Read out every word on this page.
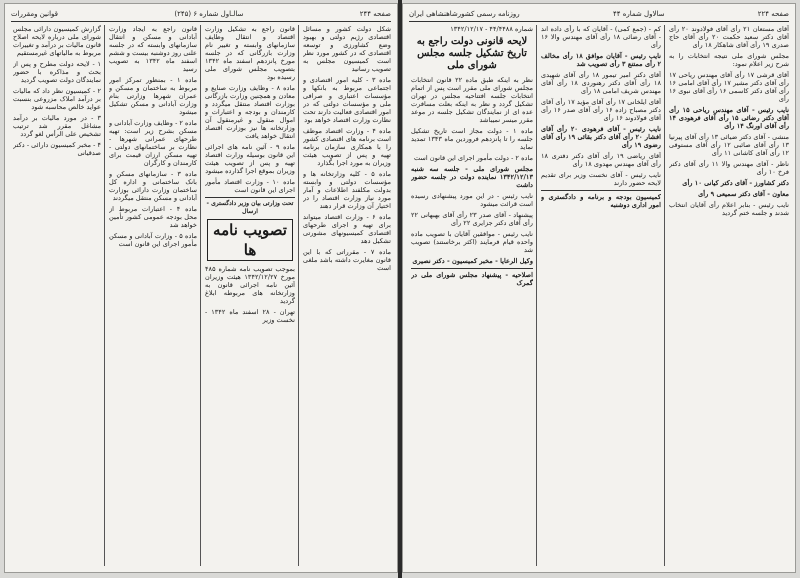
صفحه ۲۴۴
سالـاول شماره ۶ (۲۴۵)
قوانین ومقررات

شکل دولت کشور و مسائل اقتصادی رژیم دولتی و بهبود وضع کشاورزی و توسعه اقتصادی که در کشور مورد نظر است کمیسیون مجلس به تصویب رسانید

ماده ۳ - کلیه امور اقتصادی و اجتماعی مربوط به بانکها و مؤسسات اعتباری و صرافی ملی و مؤسسات دولتی که در امور اقتصادی فعالیت دارند تحت نظارت وزارت اقتصاد خواهد بود

ماده ۴ - وزارت اقتصاد موظف است برنامه های اقتصادی کشور را با همکاری سازمان برنامه تهیه و پس از تصویب هیئت وزیران به مورد اجرا بگذارد

ماده ۵ - کلیه وزارتخانه ها و مؤسسات دولتی و وابسته بدولت مکلفند اطلاعات و آمار مورد نیاز وزارت اقتصاد را در اختیار آن وزارت قرار دهند

ماده ۶ - وزارت اقتصاد میتواند برای تهیه و اجرای طرحهای اقتصادی کمیسیونهای مشورتی تشکیل دهد

ماده ۷ - مقرراتی که با این قانون مغایرت داشته باشد ملغی است

قانون راجع به تشکیل وزارت اقتصاد و انتقال وظایف سازمانهای وابسته و تغییر نام وزارت بازرگانی که در جلسه مورخ پانزدهم اسفند ماه ۱۳۴۲ بتصویب مجلس شورای ملی رسیده بود

ماده ۸ - وظایف وزارت صنایع و معادن و همچنین وزارت بازرگانی بوزارت اقتصاد منتقل میگردد و کارمندان و بودجه و اعتبارات و اموال منقول و غیرمنقول آن وزارتخانه ها نیز بوزارت اقتصاد انتقال خواهد یافت

ماده ۹ - آئین نامه های اجرائی این قانون بوسیله وزارت اقتصاد تهیه و پس از تصویب هیئت وزیران بموقع اجرا گذارده میشود

ماده ۱۰ - وزارت اقتصاد مأمور اجرای این قانون است

تحت وزارتی بیان وزیر دادگستری - ارسال
تصویب نامه ها

بموجب تصویب نامه شماره ۴۸۵ مورخ ۱۳۴۲/۱۲/۲۷ هیئت وزیران آئین نامه اجرائی قانون به وزارتخانه های مربوطه ابلاغ گردید

تهران - ۲۸ اسفند ماه ۱۳۴۲ - نخست وزیر

قانون راجع به ایجاد وزارت آبادانی و مسکن و انتقال سازمانهای وابسته که در جلسه علنی روز دوشنبه بیست و ششم اسفند ماه ۱۳۴۲ به تصویب رسید

ماده ۱ - بمنظور تمرکز امور مربوط به ساختمان و مسکن و عمران شهرها وزارتی بنام وزارت آبادانی و مسکن تشکیل میشود

ماده ۲ - وظایف وزارت آبادانی و مسکن بشرح زیر است: تهیه طرحهای عمرانی شهرها - نظارت بر ساختمانهای دولتی - تهیه مسکن ارزان قیمت برای کارمندان و کارگران

ماده ۳ - سازمانهای مسکن و بانک ساختمانی و اداره کل ساختمان وزارت دارائی بوزارت آبادانی و مسکن منتقل میگردند

ماده ۴ - اعتبارات مربوط از محل بودجه عمومی کشور تأمین خواهد شد

ماده ۵ - وزارت آبادانی و مسکن مأمور اجرای این قانون است

گزارش کمیسیون دارائی مجلس شورای ملی درباره لایحه اصلاح قانون مالیات بر درآمد و تغییرات مربوط به مالیاتهای غیرمستقیم

۱ - لایحه دولت مطرح و پس از بحث و مذاکره با حضور نمایندگان دولت تصویب گردید

۲ - کمیسیون نظر داد که مالیات بر درآمد املاک مزروعی بنسبت عواید خالص محاسبه شود

۳ - در مورد مالیات بر درآمد مشاغل مقرر شد ترتیب تشخیص علی الرأس لغو گردد

۴ - مخبر کمیسیون دارائی - دکتر صدقیانی

صفحه ۲۲۴
سالاول شماره ۴۴
روزنامه رسمی کشورشاهنشاهی ایران

آقای مستعان ۲۱ رأی آقای فولادوند ۲۰ رأی آقای دکتر سعید حکمت ۲۰ رأی آقای حاج صدری ۱۹ رأی آقای شاهکار ۱۸ رأی

مجلس شورای ملی نتیجه انتخابات را به شرح زیر اعلام نمود:

آقای قرشی ۱۷ رأی آقای مهندس ریاحی ۱۷ رأی آقای دکتر مشیر ۱۷ رأی آقای امامی ۱۶ رأی آقای دکتر کاسمی ۱۶ رأی آقای نبوی ۱۶ رأی

نایب رئیس - آقای مهندس ریاحی ۱۵ رأی آقای دکتر رضائی ۱۵ رأی آقای فرهودی ۱۴ رأی آقای اورنگ ۱۴ رأی

منشی - آقای دکتر ضیائی ۱۳ رأی آقای پیرنیا ۱۳ رأی آقای صائبی ۱۲ رأی آقای مستوفی ۱۲ رأی آقای کاشانی ۱۱ رأی

ناظر - آقای مهندس والا ۱۱ رأی آقای دکتر فرخ ۱۰ رأی

دکتر کشاورز - آقای دکتر کیانی ۱۰ رأی

معاون - آقای دکتر سمیعی ۹ رأی

نایب رئیس - بنابر اعلام رأی آقایان انتخاب شدند و جلسه ختم گردید

کم - (جمع کمی) - آقایان که با رأی داده اند - آقای رضائی ۱۸ رأی آقای مهندس والا ۱۶ رأی

نایب رئیس - آقایان موافق ۱۸ رأی مخالف ۲ رأی ممتنع ۳ رأی تصویب شد

آقای دکتر امیر تیمور ۱۸ رأی آقای شهیدی ۱۸ رأی آقای دکتر رهنوردی ۱۸ رأی آقای مهندس شریف امامی ۱۸ رأی

آقای ایلخانی ۱۷ رأی آقای مؤید ۱۷ رأی آقای دکتر مصباح زاده ۱۶ رأی آقای صدر ۱۶ رأی آقای فولادوند ۱۶ رأی

نایب رئیس - آقای فرهودی ۲۰ رأی آقای افشار ۲۰ رأی آقای دکتر بقائی ۱۹ رأی آقای رضوی ۱۹ رأی

آقای ریاضی ۱۹ رأی آقای دکتر دفتری ۱۸ رأی آقای مهندس مهدوی ۱۸ رأی

نایب رئیس - آقای نخست وزیر برای تقدیم لایحه حضور دارند

کمیسیون بودجه و برنامه و دادگستری و امور اداری دوشنبه

شماره ۴۴/۴۴۸۸ - ۱۳۴۲/۱۲/۱۷

لایحه قانونی دولت راجع به تاریخ تشکیل جلسه مجلس شورای ملی

نظر به اینکه طبق ماده ۲۲ قانون انتخابات مجلس شورای ملی مقرر است پس از اتمام انتخابات جلسه افتتاحیه مجلس در تهران تشکیل گردد و نظر به اینکه بعلت مسافرت عده ای از نمایندگان تشکیل جلسه در موعد مقرر میسر نمیباشد

ماده ۱ - دولت مجاز است تاریخ تشکیل جلسه را تا پانزدهم فروردین ماه ۱۳۴۳ تمدید نماید

ماده ۲ - دولت مأمور اجرای این قانون است

مجلس شورای ملی - جلسه سه شنبه ۱۳۴۲/۱۲/۱۳ نماینده دولت در جلسه حضور داشت

نایب رئیس - در این مورد پیشنهادی رسیده است قرائت میشود

پیشنهاد - آقای صدر ۲۳ رأی آقای بهبهانی ۲۲ رأی آقای دکتر جزایری ۲۲ رأی

نایب رئیس - موافقین آقایان با تصویب ماده واحده قیام فرمایند (اکثر برخاستند) تصویب شد

وکیل الرعایا - مخبر کمیسیون - دکتر نصیری

اصلاحیه - پیشنهاد مجلس شورای ملی در گمرک
